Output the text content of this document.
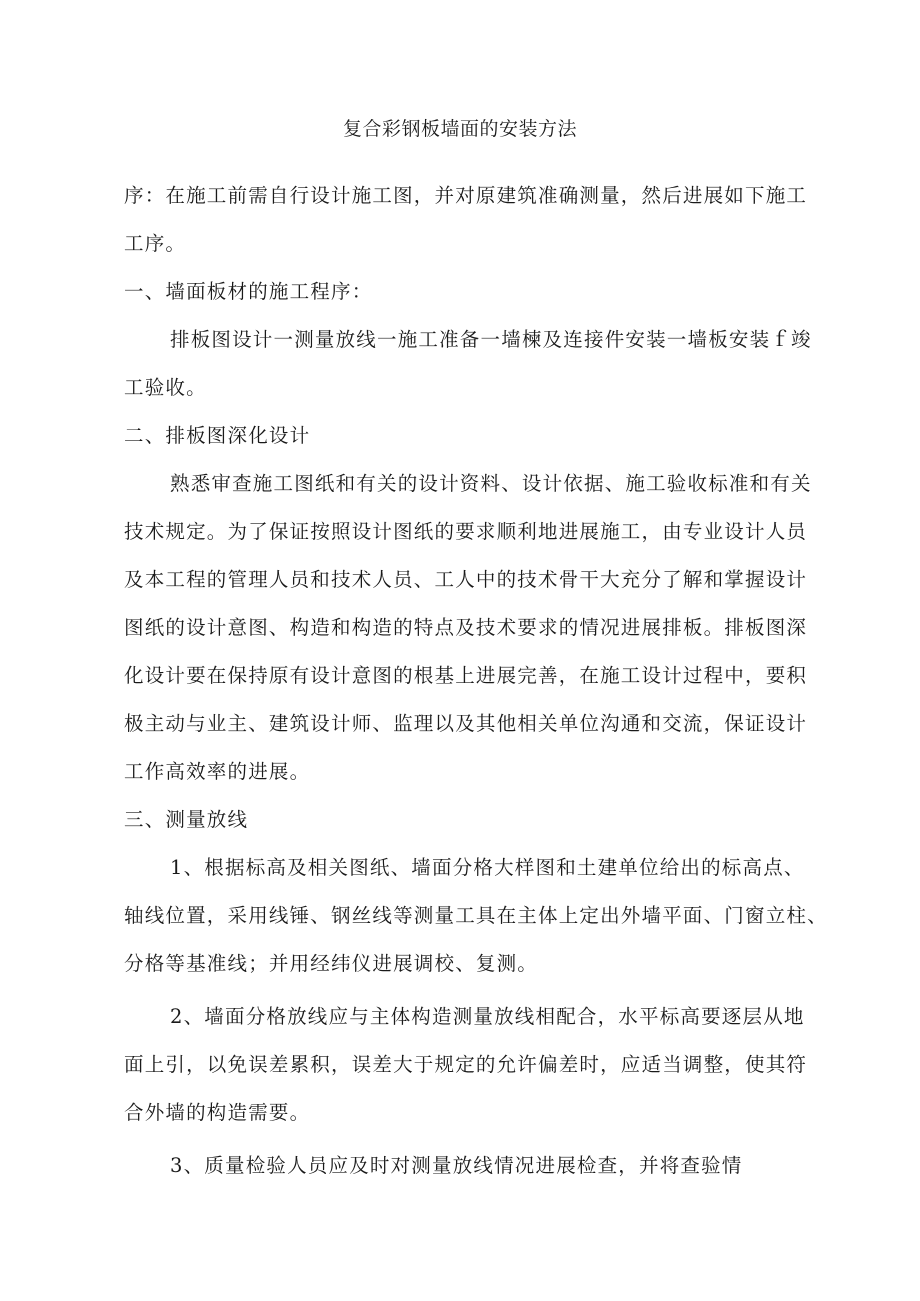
复合彩钢板墙面的安装方法
序：在施工前需自行设计施工图，并对原建筑准确测量，然后进展如下施工
工序。
一、墙面板材的施工程序：
排板图设计一测量放线一施工准备一墙楝及连接件安装一墙板安装ｆ竣
工验收。
二、排板图深化设计
熟悉审查施工图纸和有关的设计资料、设计依据、施工验收标准和有关
技术规定。为了保证按照设计图纸的要求顺利地进展施工，由专业设计人员
及本工程的管理人员和技术人员、工人中的技术骨干大充分了解和掌握设计
图纸的设计意图、构造和构造的特点及技术要求的情况进展排板。排板图深
化设计要在保持原有设计意图的根基上进展完善，在施工设计过程中，要积
极主动与业主、建筑设计师、监理以及其他相关单位沟通和交流，保证设计
工作高效率的进展。
三、测量放线
1、根据标高及相关图纸、墙面分格大样图和土建单位给出的标高点、
轴线位置，采用线锤、钢丝线等测量工具在主体上定出外墙平面、门窗立柱、
分格等基准线；并用经纬仪进展调校、复测。
2、墙面分格放线应与主体构造测量放线相配合，水平标高要逐层从地
面上引，以免误差累积，误差大于规定的允许偏差时，应适当调整，使其符
合外墙的构造需要。
3、质量检验人员应及时对测量放线情况进展检查，并将查验情
